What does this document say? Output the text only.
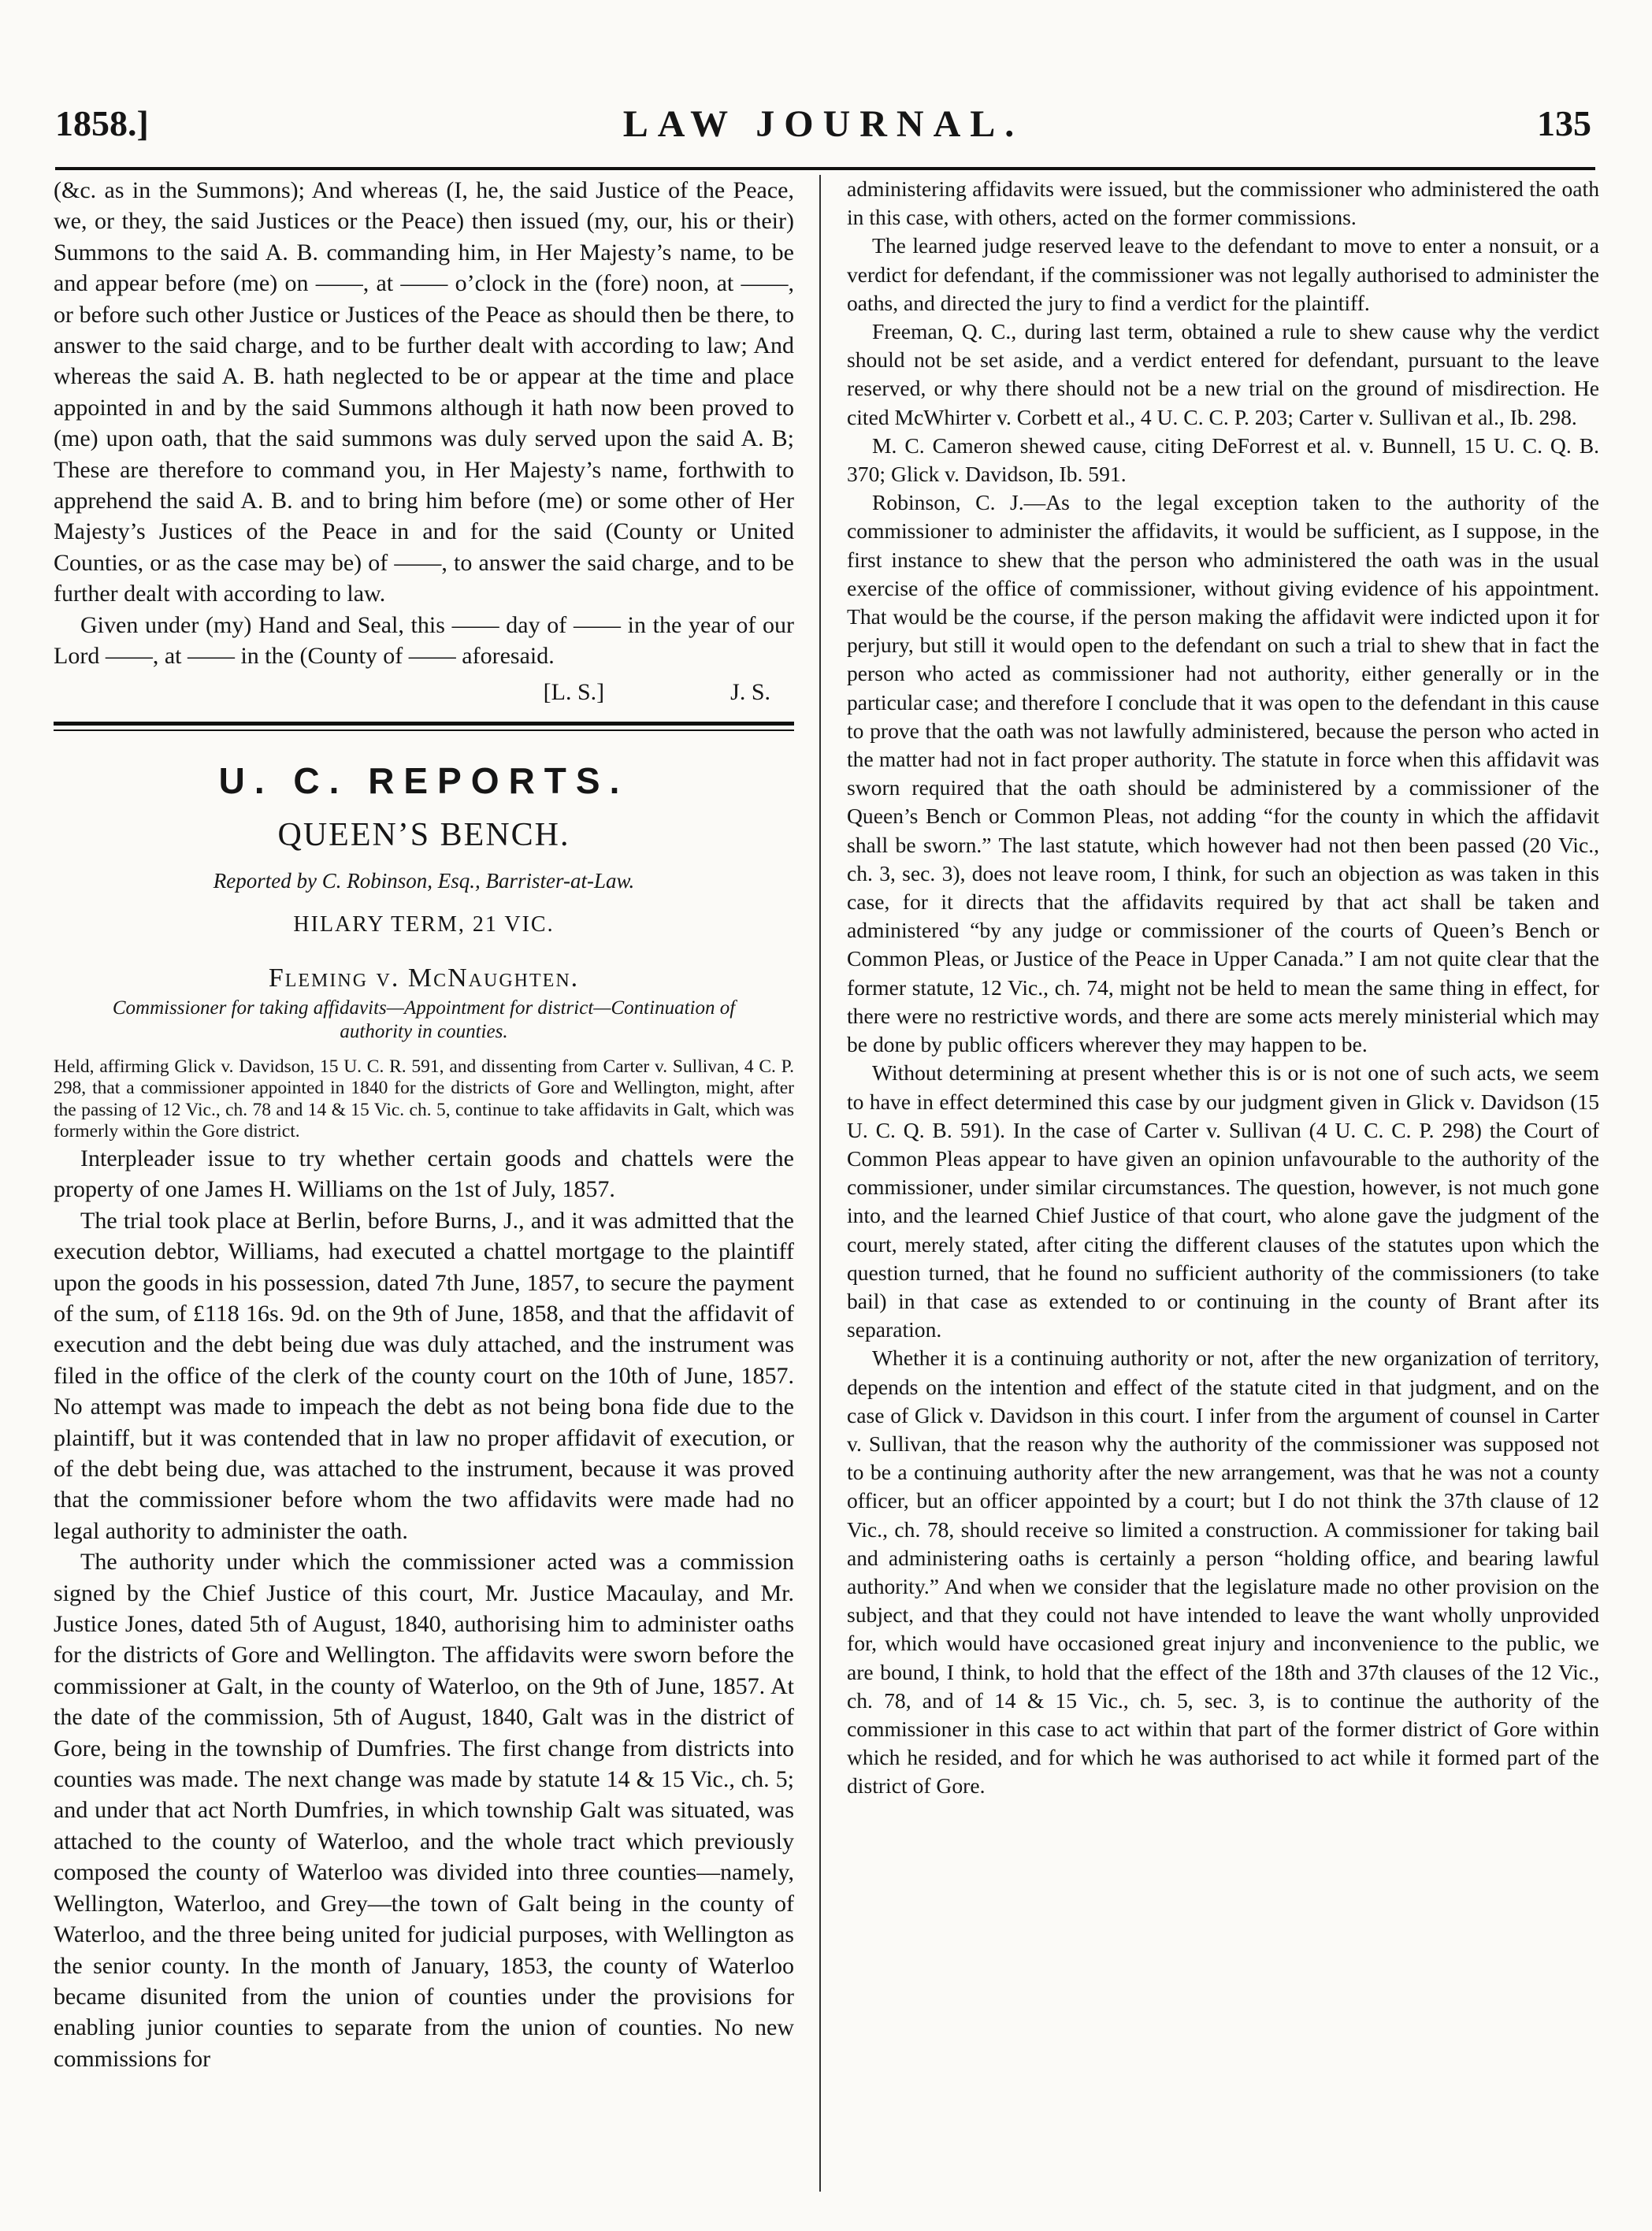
1858.]	LAW JOURNAL.	135

(&c. as in the Summons); And whereas (I, he, the said Justice of the Peace, we, or they, the said Justices or the Peace) then issued (my, our, his or their) Summons to the said A. B. commanding him, in Her Majesty’s name, to be and appear before (me) on ——, at —— o’clock in the (fore) noon, at ——, or before such other Justice or Justices of the Peace as should then be there, to answer to the said charge, and to be further dealt with according to law; And whereas the said A. B. hath neglected to be or appear at the time and place appointed in and by the said Summons although it hath now been proved to (me) upon oath, that the said summons was duly served upon the said A. B; These are therefore to command you, in Her Majesty’s name, forthwith to apprehend the said A. B. and to bring him before (me) or some other of Her Majesty’s Justices of the Peace in and for the said (County or United Counties, or as the case may be) of ——, to answer the said charge, and to be further dealt with according to law.

Given under (my) Hand and Seal, this —— day of —— in the year of our Lord ——, at —— in the (County of —— aforesaid.

[L. S.]	J. S.
U. C. REPORTS.
QUEEN’S BENCH.
Reported by C. Robinson, Esq., Barrister-at-Law.
HILARY TERM, 21 VIC.
Fleming v. McNaughten.
Commissioner for taking affidavits—Appointment for district—Continuation of authority in counties.

Held, affirming Glick v. Davidson, 15 U. C. R. 591, and dissenting from Carter v. Sullivan, 4 C. P. 298, that a commissioner appointed in 1840 for the districts of Gore and Wellington, might, after the passing of 12 Vic., ch. 78 and 14 & 15 Vic. ch. 5, continue to take affidavits in Galt, which was formerly within the Gore district.

Interpleader issue to try whether certain goods and chattels were the property of one James H. Williams on the 1st of July, 1857.

The trial took place at Berlin, before Burns, J., and it was admitted that the execution debtor, Williams, had executed a chattel mortgage to the plaintiff upon the goods in his possession, dated 7th June, 1857, to secure the payment of the sum, of £118 16s. 9d. on the 9th of June, 1858, and that the affidavit of execution and the debt being due was duly attached, and the instrument was filed in the office of the clerk of the county court on the 10th of June, 1857. No attempt was made to impeach the debt as not being bona fide due to the plaintiff, but it was contended that in law no proper affidavit of execution, or of the debt being due, was attached to the instrument, because it was proved that the commissioner before whom the two affidavits were made had no legal authority to administer the oath.

The authority under which the commissioner acted was a commission signed by the Chief Justice of this court, Mr. Justice Macaulay, and Mr. Justice Jones, dated 5th of August, 1840, authorising him to administer oaths for the districts of Gore and Wellington. The affidavits were sworn before the commissioner at Galt, in the county of Waterloo, on the 9th of June, 1857. At the date of the commission, 5th of August, 1840, Galt was in the district of Gore, being in the township of Dumfries. The first change from districts into counties was made. The next change was made by statute 14 & 15 Vic., ch. 5; and under that act North Dumfries, in which township Galt was situated, was attached to the county of Waterloo, and the whole tract which previously composed the county of Waterloo was divided into three counties—namely, Wellington, Waterloo, and Grey—the town of Galt being in the county of Waterloo, and the three being united for judicial purposes, with Wellington as the senior county. In the month of January, 1853, the county of Waterloo became disunited from the union of counties under the provisions for enabling junior counties to separate from the union of counties. No new commissions for

administering affidavits were issued, but the commissioner who administered the oath in this case, with others, acted on the former commissions.

The learned judge reserved leave to the defendant to move to enter a nonsuit, or a verdict for defendant, if the commissioner was not legally authorised to administer the oaths, and directed the jury to find a verdict for the plaintiff.

Freeman, Q. C., during last term, obtained a rule to shew cause why the verdict should not be set aside, and a verdict entered for defendant, pursuant to the leave reserved, or why there should not be a new trial on the ground of misdirection. He cited McWhirter v. Corbett et al., 4 U. C. C. P. 203; Carter v. Sullivan et al., Ib. 298.

M. C. Cameron shewed cause, citing DeForrest et al. v. Bunnell, 15 U. C. Q. B. 370; Glick v. Davidson, Ib. 591.

Robinson, C. J.—As to the legal exception taken to the authority of the commissioner to administer the affidavits, it would be sufficient, as I suppose, in the first instance to shew that the person who administered the oath was in the usual exercise of the office of commissioner, without giving evidence of his appointment. That would be the course, if the person making the affidavit were indicted upon it for perjury, but still it would open to the defendant on such a trial to shew that in fact the person who acted as commissioner had not authority, either generally or in the particular case; and therefore I conclude that it was open to the defendant in this cause to prove that the oath was not lawfully administered, because the person who acted in the matter had not in fact proper authority. The statute in force when this affidavit was sworn required that the oath should be administered by a commissioner of the Queen’s Bench or Common Pleas, not adding “for the county in which the affidavit shall be sworn.” The last statute, which however had not then been passed (20 Vic., ch. 3, sec. 3), does not leave room, I think, for such an objection as was taken in this case, for it directs that the affidavits required by that act shall be taken and administered “by any judge or commissioner of the courts of Queen’s Bench or Common Pleas, or Justice of the Peace in Upper Canada.” I am not quite clear that the former statute, 12 Vic., ch. 74, might not be held to mean the same thing in effect, for there were no restrictive words, and there are some acts merely ministerial which may be done by public officers wherever they may happen to be.

Without determining at present whether this is or is not one of such acts, we seem to have in effect determined this case by our judgment given in Glick v. Davidson (15 U. C. Q. B. 591). In the case of Carter v. Sullivan (4 U. C. C. P. 298) the Court of Common Pleas appear to have given an opinion unfavourable to the authority of the commissioner, under similar circumstances. The question, however, is not much gone into, and the learned Chief Justice of that court, who alone gave the judgment of the court, merely stated, after citing the different clauses of the statutes upon which the question turned, that he found no sufficient authority of the commissioners (to take bail) in that case as extended to or continuing in the county of Brant after its separation.

Whether it is a continuing authority or not, after the new organization of territory, depends on the intention and effect of the statute cited in that judgment, and on the case of Glick v. Davidson in this court. I infer from the argument of counsel in Carter v. Sullivan, that the reason why the authority of the commissioner was supposed not to be a continuing authority after the new arrangement, was that he was not a county officer, but an officer appointed by a court; but I do not think the 37th clause of 12 Vic., ch. 78, should receive so limited a construction. A commissioner for taking bail and administering oaths is certainly a person “holding office, and bearing lawful authority.” And when we consider that the legislature made no other provision on the subject, and that they could not have intended to leave the want wholly unprovided for, which would have occasioned great injury and inconvenience to the public, we are bound, I think, to hold that the effect of the 18th and 37th clauses of the 12 Vic., ch. 78, and of 14 & 15 Vic., ch. 5, sec. 3, is to continue the authority of the commissioner in this case to act within that part of the former district of Gore within which he resided, and for which he was authorised to act while it formed part of the district of Gore.
